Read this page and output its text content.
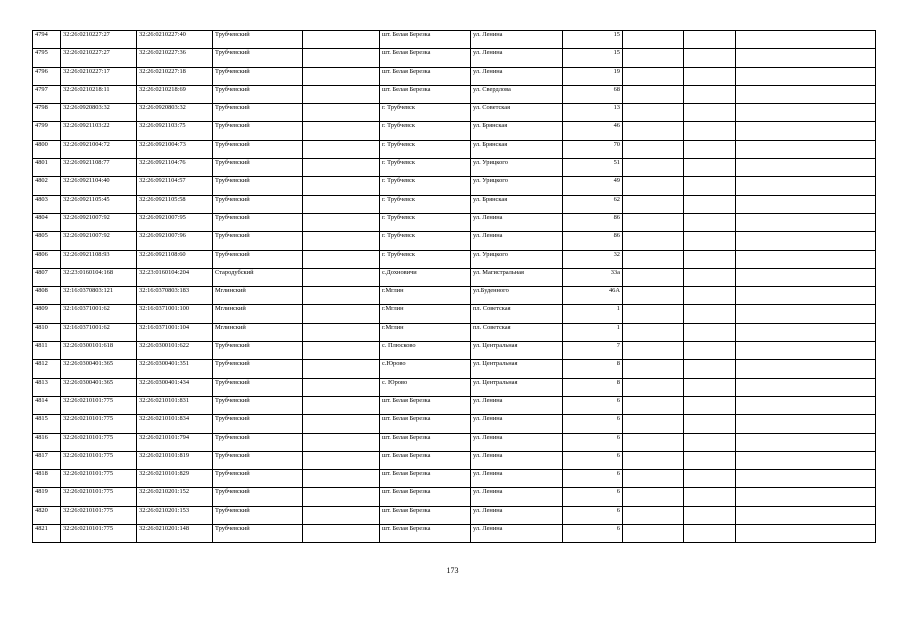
4794	32:26:0210227:27	32:26:0210227:40	Трубчевский		шт. Белая Березка	ул. Ленина	15			
4795	32:26:0210227:27	32:26:0210227:36	Трубчевский		шт. Белая Березка	ул. Ленина	15			
4796	32:26:0210227:17	32:26:0210227:18	Трубчевский		шт. Белая Березка	ул. Ленина	19			
4797	32:26:0210218:11	32:26:0210218:69	Трубчевский		шт. Белая Березка	ул. Свердлова	68			
4798	32:26:0920803:32	32:26:0920803:32	Трубчевский		г. Трубчевск	ул. Советская	13			
4799	32:26:0921103:22	32:26:0921103:75	Трубчевский		г. Трубчевск	ул. Брянская	46			
4800	32:26:0921004:72	32:26:0921004:73	Трубчевский		г. Трубчевск	ул. Брянская	70			
4801	32:26:0921108:77	32:26:0921104:76	Трубчевский		г. Трубчевск	ул. Урицкого	51			
4802	32:26:0921104:40	32:26:0921104:57	Трубчевский		г. Трубчевск	ул. Урицкого	49			
4803	32:26:0921105:45	32:26:0921105:58	Трубчевский		г. Трубчевск	ул. Брянская	62			
4804	32:26:0921007:92	32:26:0921007:95	Трубчевский		г. Трубчевск	ул. Ленина	86			
4805	32:26:0921007:92	32:26:0921007:96	Трубчевский		г. Трубчевск	ул. Ленина	86			
4806	32:26:0921108:93	32:26:0921108:60	Трубчевский		г. Трубчевск	ул. Урицкого	32			
4807	32:23:0160104:168	32:23:0160104:204	Стародубский		с.Дохновичи	ул. Магистральная	33а			
4808	32:16:0370803:121	32:16:0370803:183	Мглинский		г.Мглин	ул.Буденного	46А			
4809	32:16:0371001:62	32:16:0371001:100	Мглинский		г.Мглин	пл. Советская	1			
4810	32:16:0371001:62	32:16:0371001:104	Мглинский		г.Мглин	пл. Советская	1			
4811	32:26:0300101:618	32:26:0300101:622	Трубчевский		с. Плюсково	ул. Центральная	7			
4812	32:26:0300401:365	32:26:0300401:351	Трубчевский		с.Юрово	ул. Центральная	8			
4813	32:26:0300401:365	32:26:0300401:434	Трубчевский		с. Юрово	ул. Центральная	8			
4814	32:26:0210101:775	32:26:0210101:831	Трубчевский		шт. Белая Березка	ул. Ленина	6			
4815	32:26:0210101:775	32:26:0210101:834	Трубчевский		шт. Белая Березка	ул. Ленина	6			
4816	32:26:0210101:775	32:26:0210101:794	Трубчевский		шт. Белая Березка	ул. Ленина	6			
4817	32:26:0210101:775	32:26:0210101:819	Трубчевский		шт. Белая Березка	ул. Ленина	6			
4818	32:26:0210101:775	32:26:0210101:829	Трубчевский		шт. Белая Березка	ул. Ленина	6			
4819	32:26:0210101:775	32:26:0210201:152	Трубчевский		шт. Белая Березка	ул. Ленина	6			
4820	32:26:0210101:775	32:26:0210201:153	Трубчевский		шт. Белая Березка	ул. Ленина	6			
4821	32:26:0210101:775	32:26:0210201:148	Трубчевский		шт. Белая Березка	ул. Ленина	6			
173
